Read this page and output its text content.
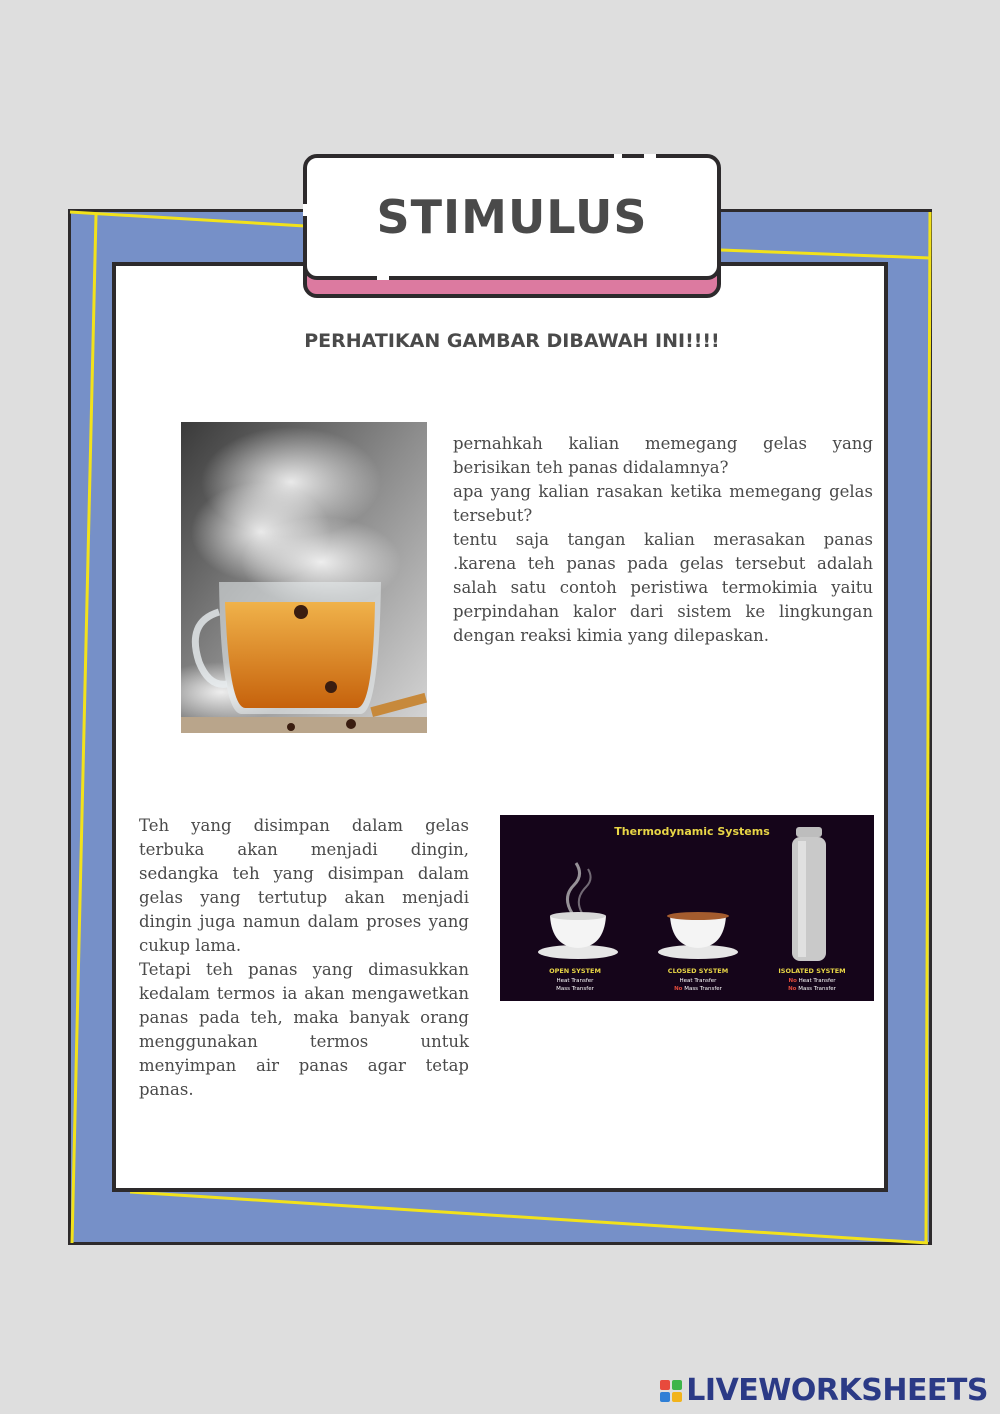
STIMULUS
PERHATIKAN GAMBAR DIBAWAH INI!!!!

pernahkah kalian memegang gelas yang berisikan teh panas didalamnya?

apa yang kalian rasakan ketika memegang gelas tersebut?

tentu saja tangan kalian merasakan panas .karena teh panas pada gelas tersebut adalah salah satu contoh peristiwa termokimia yaitu perpindahan kalor dari sistem ke lingkungan dengan reaksi kimia yang dilepaskan.

Teh yang disimpan dalam gelas terbuka akan menjadi dingin, sedangka teh yang disimpan dalam gelas yang tertutup akan menjadi dingin juga namun dalam proses yang cukup lama.

Tetapi teh panas yang dimasukkan kedalam termos ia akan mengawetkan panas pada teh, maka banyak orang menggunakan termos untuk menyimpan air panas agar tetap panas.

Thermodynamic Systems
OPEN SYSTEM
Heat Transfer
Mass Transfer
CLOSED SYSTEM
Heat Transfer
No Mass Transfer
ISOLATED SYSTEM
No Heat Transfer
No Mass Transfer
LIVEWORKSHEETS
